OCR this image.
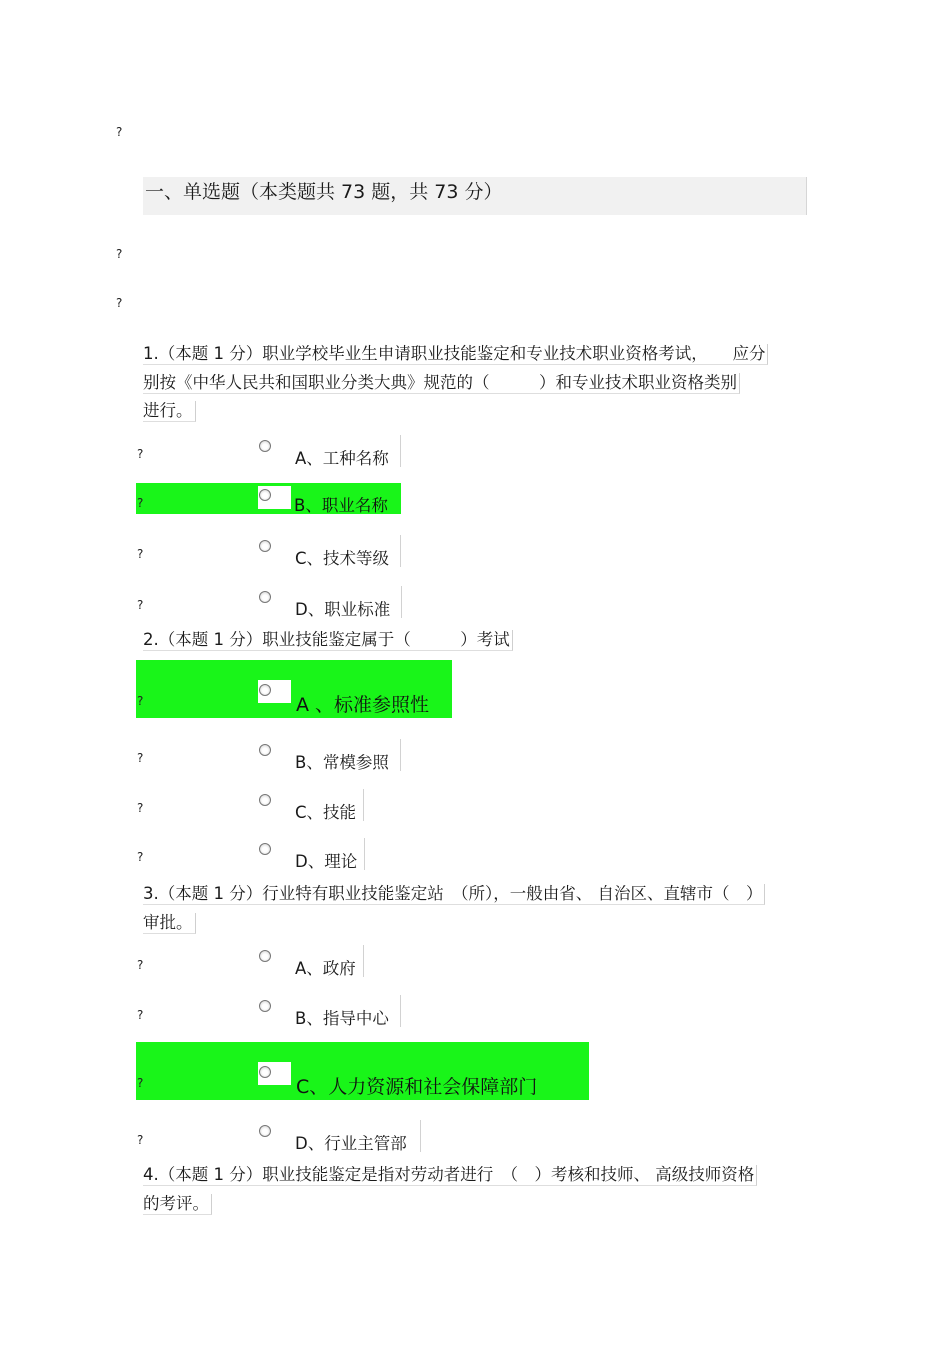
?
?
?
一、单选题（本类题共 73 题，共 73 分）
1.（本题 1 分）职业学校毕业生申请职业技能鉴定和专业技术职业资格考试，　　应分
别按《中华人民共和国职业分类大典》规范的（　　　）和专业技术职业资格类别
进行。
?	A、工种名称
?	B、职业名称
?	C、技术等级
?	D、职业标准
2.（本题 1 分）职业技能鉴定属于（　　　）考试
?	A 、标准参照性
?	B、常模参照
?	C、技能
?	D、理论
3.（本题 1 分）行业特有职业技能鉴定站　（所），一般由省、 自治区、直辖市（　）
审批。
?	A、政府
?	B、指导中心
?	C、人力资源和社会保障部门
?	D、行业主管部
4.（本题 1 分）职业技能鉴定是指对劳动者进行　（　）考核和技师、 高级技师资格
的考评。
